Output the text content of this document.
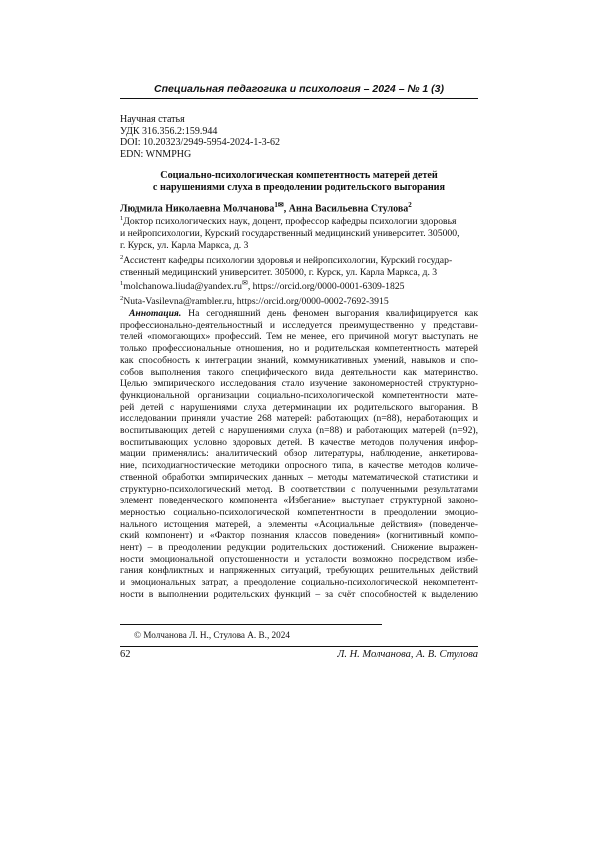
Специальная педагогика и психология – 2024 – № 1 (3)
Научная статья
УДК 316.356.2:159.944
DOI: 10.20323/2949-5954-2024-1-3-62
EDN: WNMPHG
Социально-психологическая компетентность матерей детей
с нарушениями слуха в преодолении родительского выгорания
Людмила Николаевна Молчанова$^{1✉}$, Анна Васильевна Стулова$^2$
$^1$Доктор психологических наук, доцент, профессор кафедры психологии здоровья
и нейропсихологии, Курский государственный медицинский университет. 305000,
г. Курск, ул. Карла Маркса, д. 3
$^2$Ассистент кафедры психологии здоровья и нейропсихологии, Курский государ-
ственный медицинский университет. 305000, г. Курск, ул. Карла Маркса, д. 3
$^1$molchanowa.liuda@yandex.ru✉, https://orcid.org/0000-0001-6309-1825
$^2$Nuta-Vasilevna@rambler.ru, https://orcid.org/0000-0002-7692-3915
Аннотация. На сегодняшний день феномен выгорания квалифицируется как
профессионально-деятельностный и исследуется преимущественно у представи-
телей «помогающих» профессий. Тем не менее, его причиной могут выступать не
только профессиональные отношения, но и родительская компетентность матерей
как способность к интеграции знаний, коммуникативных умений, навыков и спо-
собов выполнения такого специфического вида деятельности как материнство.
Целью эмпирического исследования стало изучение закономерностей структурно-
функциональной организации социально-психологической компетентности мате-
рей детей с нарушениями слуха детерминации их родительского выгорания. В
исследовании приняли участие 268 матерей: работающих (n=88), неработающих и
воспитывающих детей с нарушениями слуха (n=88) и работающих матерей (n=92),
воспитывающих условно здоровых детей. В качестве методов получения инфор-
мации применялись: аналитический обзор литературы, наблюдение, анкетирова-
ние, психодиагностические методики опросного типа, в качестве методов количе-
ственной обработки эмпирических данных – методы математической статистики и
структурно-психологический метод. В соответствии с полученными результатами
элемент поведенческого компонента «Избегание» выступает структурной законо-
мерностью социально-психологической компетентности в преодолении эмоцио-
нального истощения матерей, а элементы «Асоциальные действия» (поведенче-
ский компонент) и «Фактор познания классов поведения» (когнитивный компо-
нент) – в преодолении редукции родительских достижений. Снижение выражен-
ности эмоциональной опустошенности и усталости возможно посредством избе-
гания конфликтных и напряженных ситуаций, требующих решительных действий
и эмоциональных затрат, а преодоление социально-психологической некомпетент-
ности в выполнении родительских функций – за счёт способностей к выделению
© Молчанова Л. Н., Стулова А. В., 2024
62	Л. Н. Молчанова, А. В. Стулова
